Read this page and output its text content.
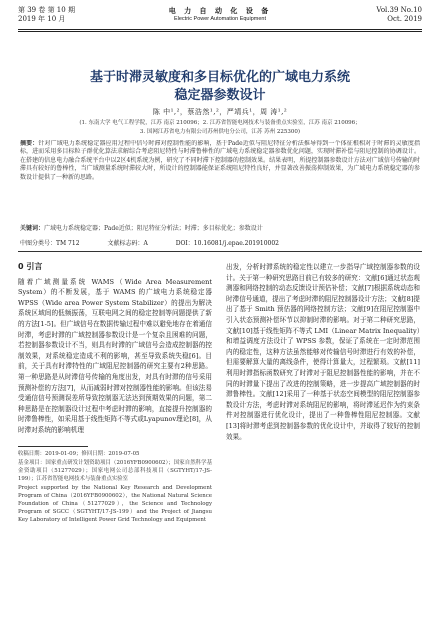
第 39 卷 第 10 期
2019 年 10 月
电 力 自 动 化 设 备
Electric Power Automation Equipment
Vol.39 No.10
Oct. 2019
基于时滞灵敏度和多目标优化的广域电力系统
稳定器参数设计
陈 中¹,²，蔡浩然¹,²，严靖兵¹，周 涛¹,²
(1. 东南大学 电气工程学院，江苏 南京 210096；2. 江苏省智能电网技术与装备重点实验室，江苏 南京 210096；
3. 国网江苏省电力有限公司苏州供电分公司，江苏 苏州 225300)
摘要：针对广域电力系统稳定器应用过程中信号时滞对控制性能的影响，基于Pade近似与阻尼特征分析法推导得到一个体征根相对于时滞的灵敏度指标，进而采用多目标粒子群优化算法求解综合考虑阻尼特性与时滞鲁棒性的广域电力系统稳定器参数优化问题，实现时滞补偿与阻尼控制的协调设计。在搭建的信息电力融合系统平台中以2区4机系统为例，研究了不同时滞下控制器的控制效果。结果表明，所提控制器参数设计方法对广域信号传输的时滞具有较好的鲁棒性，当广域测量系统时滞较大时，所设计的控制器能保证系统阻尼特性良好，并显著改善振荡抑制效果，为广域电力系统稳定器的参数设计提供了一种新的思路。
关键词：广域电力系统稳定器；Pade近似；阻尼特征分析法；时滞；多目标优化；参数设计
中图分类号：TM 712	文献标志码：A	DOI：10.16081/j.epae.201910002
0 引言
随着广域测量系统 WAMS（Wide Area Measurement System）的不断发展，基于 WAMS 的广域电力系统稳定器 WPSS（Wide area Power System Stabilizer）的提出为解决系统区域间的低频振荡，互联电网之间的稳定控制等问题提供了新的方法[1-5]。但广域信号在数据传输过程中难以避免地存在着通信时滞，考虑时滞的广域控制器参数设计是一个复杂且困难的问题，若控制器参数设计不当，则具有时滞的广域信号会造成控制器的控制效果，对系统稳定造成不利的影响，甚至导致系统失稳[6]。目前，关于具有时滞特性的广域阻尼控制器的研究主要有2种思路。第一种思路是从时滞信号传输的角度出发，对具有时滞的信号采用预测补偿的方法[7]，从而减弱时滞对控制器性能的影响。但该法易受通信信号预测误差所导致控制器无法达到预期效果的问题，第二种思路是在控制器设计过程中考虑时滞的影响，直接提升控制器的时滞鲁棒性，如采用基于线性矩阵不等式或Lyapunov理论[8]，从时滞对系统的影响机理

收稿日期：2019-01-09；修回日期：2019-07-05

基金项目：国家重点研发计划资助项目（2016YFB0900602）；国家自然科学基金资助项目（51277029）；国家电网公司总部科技项目（SGTYHT/17-JS-199）；江苏省智能电网技术与装备重点实验室

Project supported by the National Key Research and Development Program of China（2016YFB0900602），the National Natural Science Foundation of China（51277029），the Science and Technology Program of SGCC（SGTYHT/17-JS-199）and the Project of Jiangsu Key Laboratory of Intelligent Power Grid Technology and Equipment

出发，分析时滞系统的稳定性以建立一步指导广域控制器参数的设计。关于第一种研究思路目前已有较多的研究：文献[6]通过状态观测器和网络控制的动态反馈设计预估补偿；文献[7]根据系统动态和时滞信号通道，提出了考虑时滞的阻尼控制器设计方法；文献[8]提出了基于 Smith 预估器的网络控制方法；文献[9]在阻尼控制器中引入状态预测补偿环节以抑制时滞的影响。对于第二种研究思路，文献[10]基于线性矩阵不等式 LMI（Linear Matrix Inequality）和增益调度方法设计了 WPSS 参数，保证了系统在一定时滞范围内的稳定性，这种方法虽然能够对传输信号时滞进行有效的补偿，但需要解算大量的离线条件，使得计算量大，过程繁琐。文献[11]利用时滞指标函数研究了时滞对于阻尼控制器性能的影响，并在不同的时滞量下提出了改进的控制策略，进一步提高广域控制器的时滞鲁棒性。文献[12]采用了一种基于状态空间模型的阻尼控制器参数设计方法，考虑时滞对系统阻尼的影响，将时滞延迟作为约束条件对控制器进行优化设计，提出了一种鲁棒性阻尼控制器。文献[13]将时滞考虑到控制器参数的优化设计中，并取得了较好的控制效果。
